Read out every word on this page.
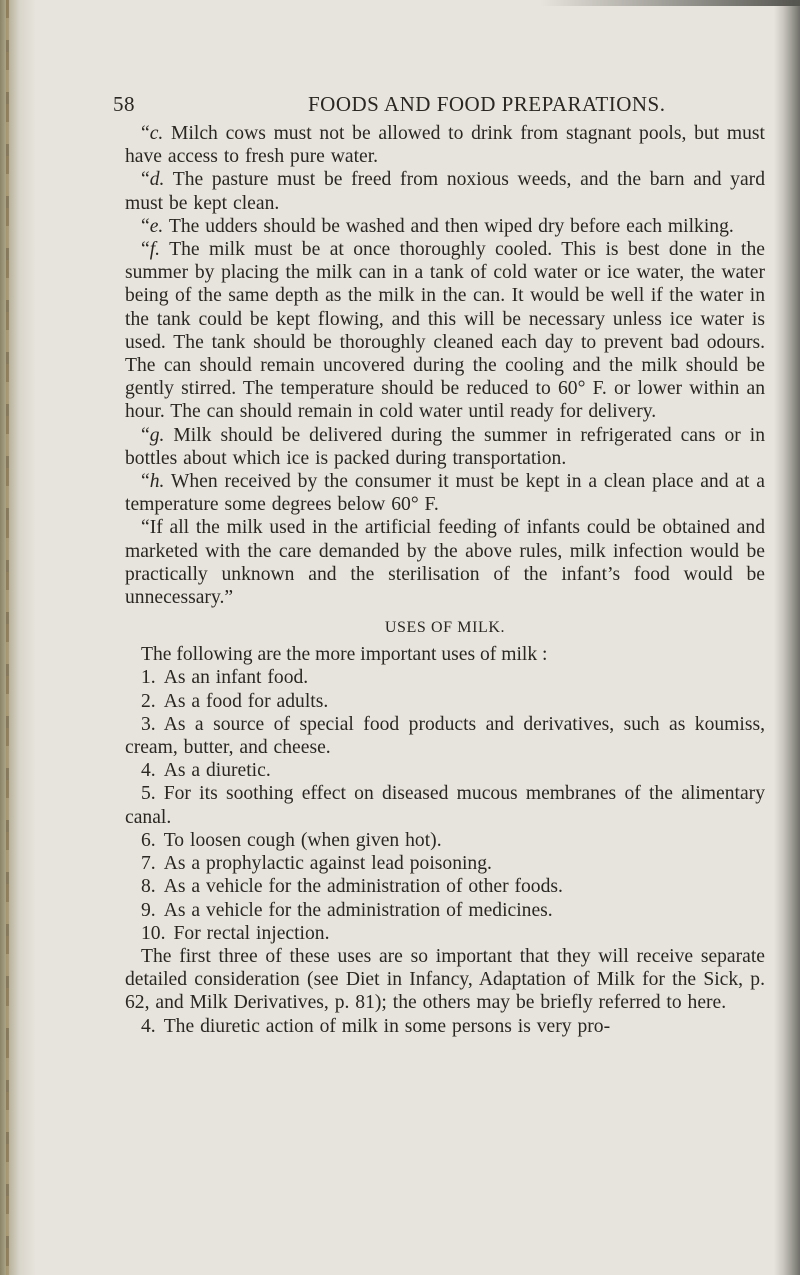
58	FOODS AND FOOD PREPARATIONS.

“c. Milch cows must not be allowed to drink from stagnant pools, but must have access to fresh pure water.

“d. The pasture must be freed from noxious weeds, and the barn and yard must be kept clean.

“e. The udders should be washed and then wiped dry before each milking.

“f. The milk must be at once thoroughly cooled. This is best done in the summer by placing the milk can in a tank of cold water or ice water, the water being of the same depth as the milk in the can. It would be well if the water in the tank could be kept flowing, and this will be necessary unless ice water is used. The tank should be thoroughly cleaned each day to prevent bad odours. The can should remain uncovered during the cooling and the milk should be gently stirred. The temperature should be reduced to 60° F. or lower within an hour. The can should remain in cold water until ready for delivery.

“g. Milk should be delivered during the summer in refrigerated cans or in bottles about which ice is packed during transportation.

“h. When received by the consumer it must be kept in a clean place and at a temperature some degrees below 60° F.

“If all the milk used in the artificial feeding of infants could be obtained and marketed with the care demanded by the above rules, milk infection would be practically unknown and the sterilisation of the infant’s food would be unnecessary.”

USES OF MILK.

The following are the more important uses of milk :

1. As an infant food.
2. As a food for adults.
3. As a source of special food products and derivatives, such as koumiss, cream, butter, and cheese.
4. As a diuretic.
5. For its soothing effect on diseased mucous membranes of the alimentary canal.
6. To loosen cough (when given hot).
7. As a prophylactic against lead poisoning.
8. As a vehicle for the administration of other foods.
9. As a vehicle for the administration of medicines.
10. For rectal injection.

The first three of these uses are so important that they will receive separate detailed consideration (see Diet in Infancy, Adaptation of Milk for the Sick, p. 62, and Milk Derivatives, p. 81); the others may be briefly referred to here.

4. The diuretic action of milk in some persons is very pro-
